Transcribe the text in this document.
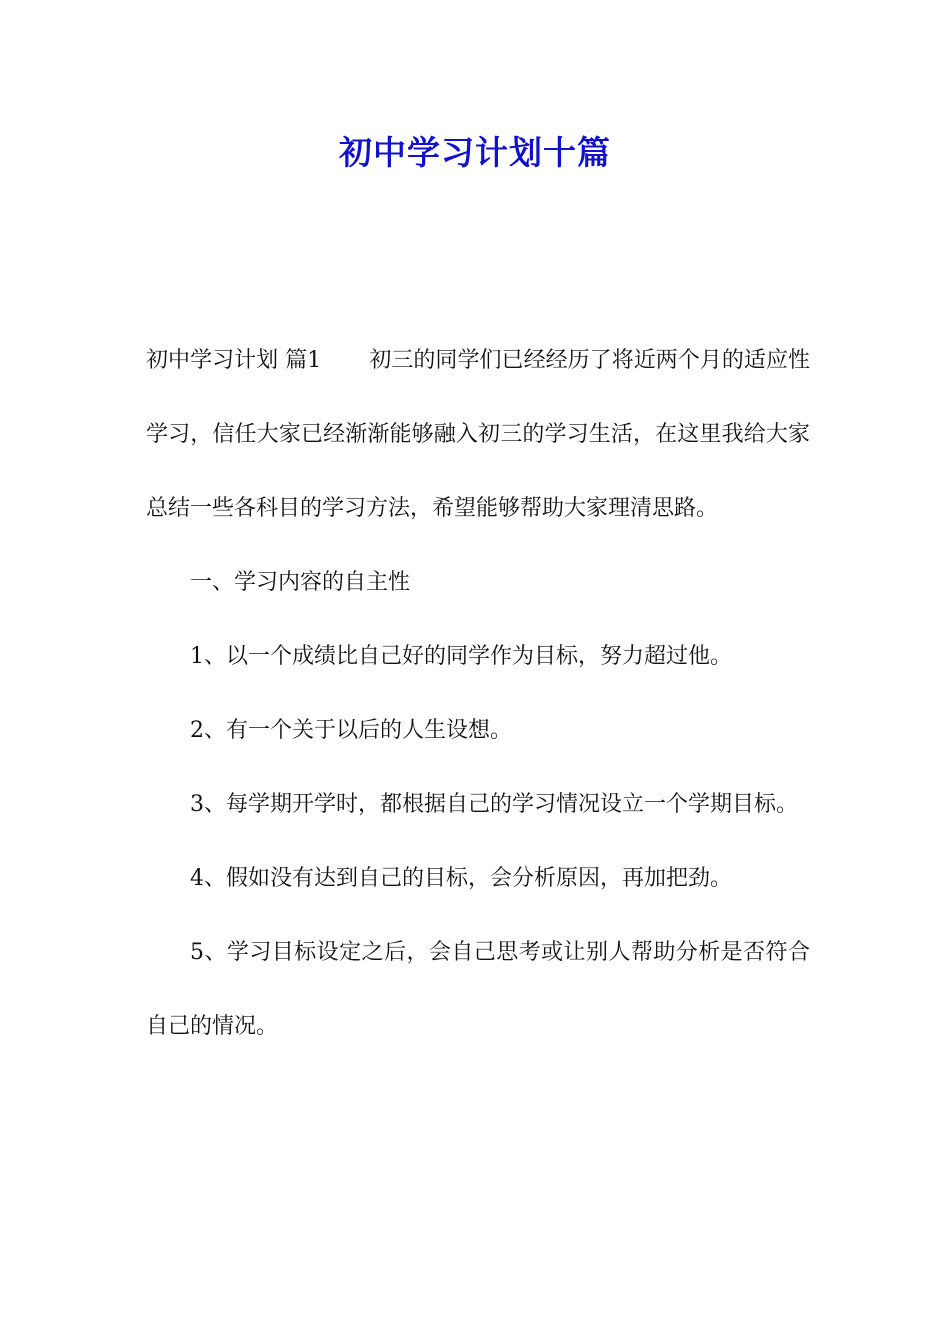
初中学习计划十篇

初中学习计划 篇1 初三的同学们已经经历了将近两个月的适应性学习，信任大家已经渐渐能够融入初三的学习生活，在这里我给大家总结一些各科目的学习方法，希望能够帮助大家理清思路。

一、学习内容的自主性

1、以一个成绩比自己好的同学作为目标，努力超过他。

2、有一个关于以后的人生设想。

3、每学期开学时，都根据自己的学习情况设立一个学期目标。

4、假如没有达到自己的目标，会分析原因，再加把劲。

5、学习目标设定之后，会自己思考或让别人帮助分析是否符合自己的情况。
